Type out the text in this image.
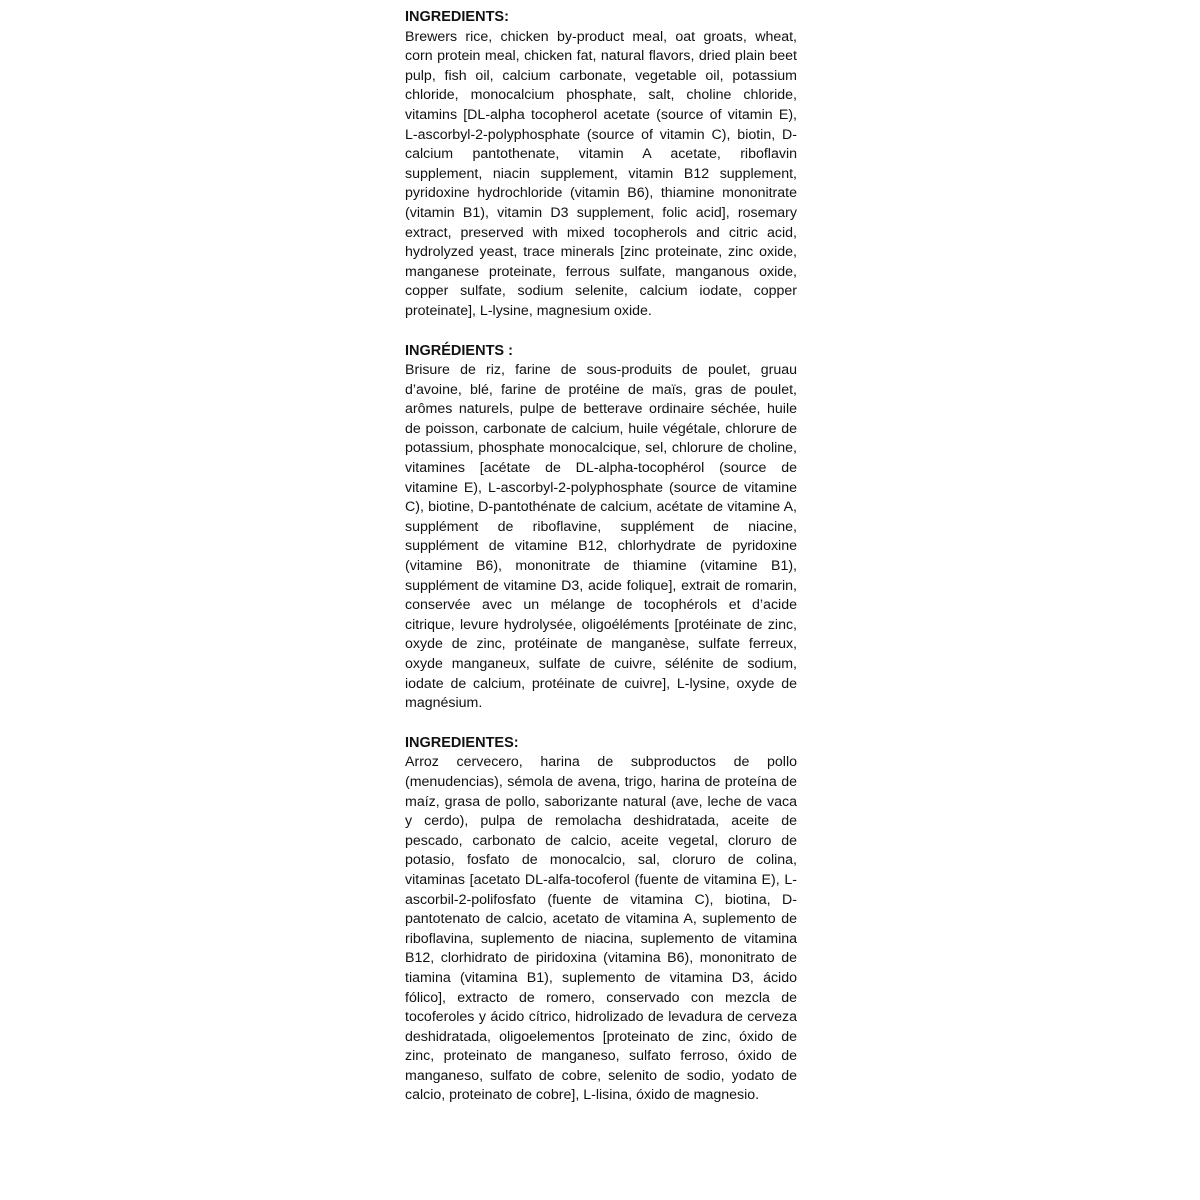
INGREDIENTS:

Brewers rice, chicken by-product meal, oat groats, wheat, corn protein meal, chicken fat, natural flavors, dried plain beet pulp, fish oil, calcium carbonate, vegetable oil, potassium chloride, monocalcium phosphate, salt, choline chloride, vitamins [DL-alpha tocopherol acetate (source of vitamin E), L-ascorbyl-2-polyphosphate (source of vitamin C), biotin, D-calcium pantothenate, vitamin A acetate, riboflavin supplement, niacin supplement, vitamin B12 supplement, pyridoxine hydrochloride (vitamin B6), thiamine mononitrate (vitamin B1), vitamin D3 supplement, folic acid], rosemary extract, preserved with mixed tocopherols and citric acid, hydrolyzed yeast, trace minerals [zinc proteinate, zinc oxide, manganese proteinate, ferrous sulfate, manganous oxide, copper sulfate, sodium selenite, calcium iodate, copper proteinate], L-lysine, magnesium oxide.

INGRÉDIENTS :

Brisure de riz, farine de sous-produits de poulet, gruau d’avoine, blé, farine de protéine de maïs, gras de poulet, arômes naturels, pulpe de betterave ordinaire séchée, huile de poisson, carbonate de calcium, huile végétale, chlorure de potassium, phosphate monocalcique, sel, chlorure de choline, vitamines [acétate de DL-alpha-tocophérol (source de vitamine E), L-ascorbyl-2-polyphosphate (source de vitamine C), biotine, D-pantothénate de calcium, acétate de vitamine A, supplément de riboflavine, supplément de niacine, supplément de vitamine B12, chlorhydrate de pyridoxine (vitamine B6), mononitrate de thiamine (vitamine B1), supplément de vitamine D3, acide folique], extrait de romarin, conservée avec un mélange de tocophérols et d’acide citrique, levure hydrolysée, oligoéléments [protéinate de zinc, oxyde de zinc, protéinate de manganèse, sulfate ferreux, oxyde manganeux, sulfate de cuivre, sélénite de sodium, iodate de calcium, protéinate de cuivre], L-lysine, oxyde de magnésium.

INGREDIENTES:

Arroz cervecero, harina de subproductos de pollo (menudencias), sémola de avena, trigo, harina de proteína de maíz, grasa de pollo, saborizante natural (ave, leche de vaca y cerdo), pulpa de remolacha deshidratada, aceite de pescado, carbonato de calcio, aceite vegetal, cloruro de potasio, fosfato de monocalcio, sal, cloruro de colina, vitaminas [acetato DL-alfa-tocoferol (fuente de vitamina E), L-ascorbil-2-polifosfato (fuente de vitamina C), biotina, D-pantotenato de calcio, acetato de vitamina A, suplemento de riboflavina, suplemento de niacina, suplemento de vitamina B12, clorhidrato de piridoxina (vitamina B6), mononitrato de tiamina (vitamina B1), suplemento de vitamina D3, ácido fólico], extracto de romero, conservado con mezcla de tocoferoles y ácido cítrico, hidrolizado de levadura de cerveza deshidratada, oligoelementos [proteinato de zinc, óxido de zinc, proteinato de manganeso, sulfato ferroso, óxido de manganeso, sulfato de cobre, selenito de sodio, yodato de calcio, proteinato de cobre], L-lisina, óxido de magnesio.
